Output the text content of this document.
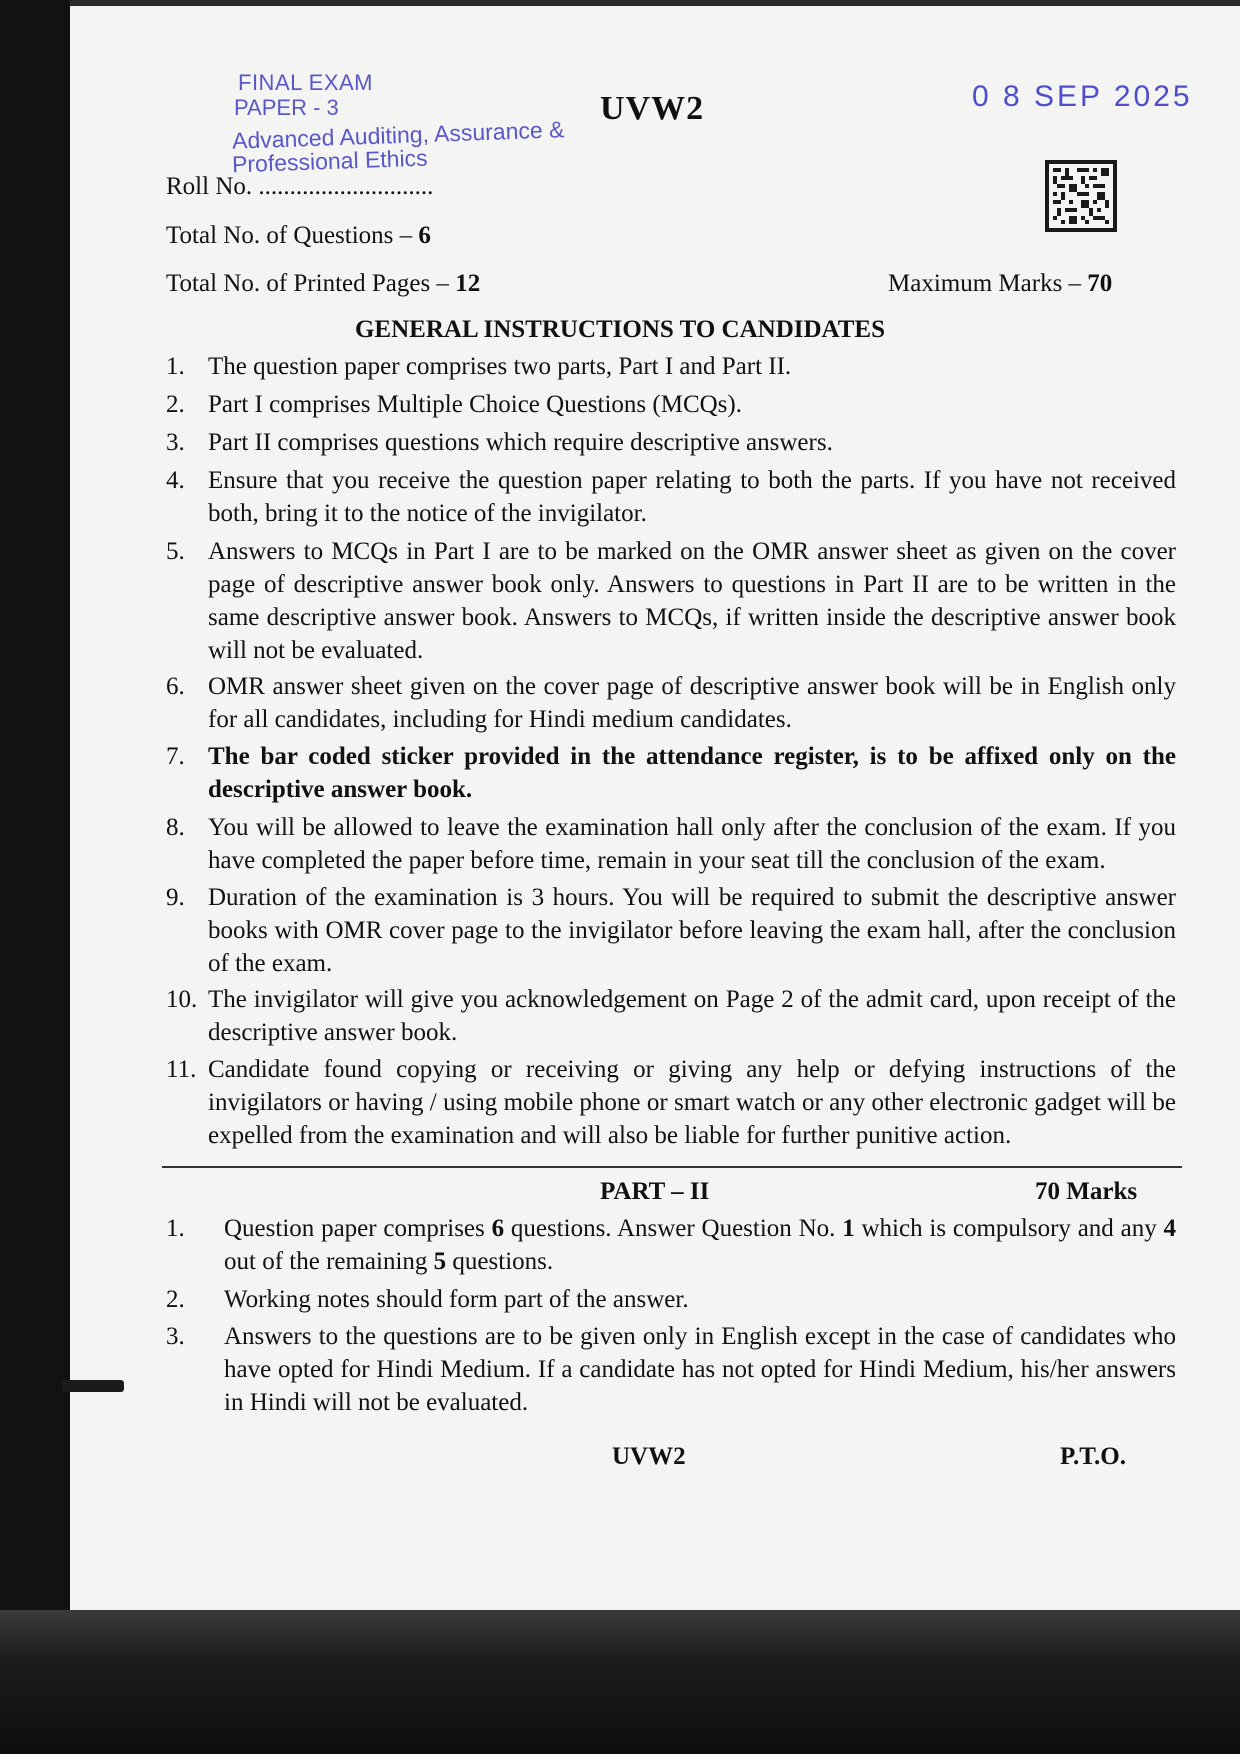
FINAL EXAM
PAPER - 3
Advanced Auditing, Assurance &
Professional Ethics
0 8 SEP 2025
UVW2
Roll No. ............................
Total No. of Questions – 6
Total No. of Printed Pages – 12	Maximum Marks – 70
GENERAL INSTRUCTIONS TO CANDIDATES
1. The question paper comprises two parts, Part I and Part II.
2. Part I comprises Multiple Choice Questions (MCQs).
3. Part II comprises questions which require descriptive answers.
4. Ensure that you receive the question paper relating to both the parts. If you have not received both, bring it to the notice of the invigilator.
5. Answers to MCQs in Part I are to be marked on the OMR answer sheet as given on the cover page of descriptive answer book only. Answers to questions in Part II are to be written in the same descriptive answer book. Answers to MCQs, if written inside the descriptive answer book will not be evaluated.
6. OMR answer sheet given on the cover page of descriptive answer book will be in English only for all candidates, including for Hindi medium candidates.
7. The bar coded sticker provided in the attendance register, is to be affixed only on the descriptive answer book.
8. You will be allowed to leave the examination hall only after the conclusion of the exam. If you have completed the paper before time, remain in your seat till the conclusion of the exam.
9. Duration of the examination is 3 hours. You will be required to submit the descriptive answer books with OMR cover page to the invigilator before leaving the exam hall, after the conclusion of the exam.
10. The invigilator will give you acknowledgement on Page 2 of the admit card, upon receipt of the descriptive answer book.
11. Candidate found copying or receiving or giving any help or defying instructions of the invigilators or having / using mobile phone or smart watch or any other electronic gadget will be expelled from the examination and will also be liable for further punitive action.
PART – II	70 Marks
1. Question paper comprises 6 questions. Answer Question No. 1 which is compulsory and any 4 out of the remaining 5 questions.
2. Working notes should form part of the answer.
3. Answers to the questions are to be given only in English except in the case of candidates who have opted for Hindi Medium. If a candidate has not opted for Hindi Medium, his/her answers in Hindi will not be evaluated.
UVW2	P.T.O.
